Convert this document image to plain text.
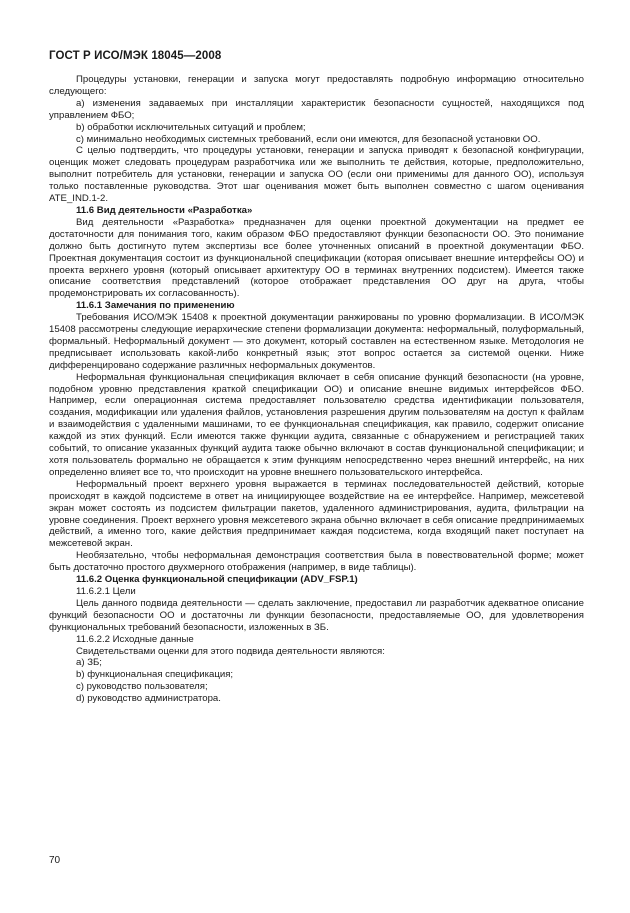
ГОСТ Р ИСО/МЭК 18045—2008

Процедуры установки, генерации и запуска могут предоставлять подробную информацию относительно следующего:

а) изменения задаваемых при инсталляции характеристик безопасности сущностей, находящихся под управлением ФБО;

b) обработки исключительных ситуаций и проблем;

c) минимально необходимых системных требований, если они имеются, для безопасной установки ОО.

С целью подтвердить, что процедуры установки, генерации и запуска приводят к безопасной конфигурации, оценщик может следовать процедурам разработчика или же выполнить те действия, которые, предположительно, выполнит потребитель для установки, генерации и запуска ОО (если они применимы для данного ОО), используя только поставленные руководства. Этот шаг оценивания может быть выполнен совместно с шагом оценивания ATE_IND.1-2.

11.6 Вид деятельности «Разработка»

Вид деятельности «Разработка» предназначен для оценки проектной документации на предмет ее достаточности для понимания того, каким образом ФБО предоставляют функции безопасности ОО. Это понимание должно быть достигнуто путем экспертизы все более уточненных описаний в проектной документации ФБО. Проектная документация состоит из функциональной спецификации (которая описывает внешние интерфейсы ОО) и проекта верхнего уровня (который описывает архитектуру ОО в терминах внутренних подсистем). Имеется также описание соответствия представлений (которое отображает представления ОО друг на друга, чтобы продемонстрировать их согласованность).

11.6.1 Замечания по применению

Требования ИСО/МЭК 15408 к проектной документации ранжированы по уровню формализации. В ИСО/МЭК 15408 рассмотрены следующие иерархические степени формализации документа: неформальный, полуформальный, формальный. Неформальный документ — это документ, который составлен на естественном языке. Методология не предписывает использовать какой-либо конкретный язык; этот вопрос остается за системой оценки. Ниже дифференцировано содержание различных неформальных документов.

Неформальная функциональная спецификация включает в себя описание функций безопасности (на уровне, подобном уровню представления краткой спецификации ОО) и описание внешне видимых интерфейсов ФБО. Например, если операционная система предоставляет пользователю средства идентификации пользователя, создания, модификации или удаления файлов, установления разрешения другим пользователям на доступ к файлам и взаимодействия с удаленными машинами, то ее функциональная спецификация, как правило, содержит описание каждой из этих функций. Если имеются также функции аудита, связанные с обнаружением и регистрацией таких событий, то описание указанных функций аудита также обычно включают в состав функциональной спецификации; и хотя пользователь формально не обращается к этим функциям непосредственно через внешний интерфейс, на них определенно влияет все то, что происходит на уровне внешнего пользовательского интерфейса.

Неформальный проект верхнего уровня выражается в терминах последовательностей действий, которые происходят в каждой подсистеме в ответ на инициирующее воздействие на ее интерфейсе. Например, межсетевой экран может состоять из подсистем фильтрации пакетов, удаленного администрирования, аудита, фильтрации на уровне соединения. Проект верхнего уровня межсетевого экрана обычно включает в себя описание предпринимаемых действий, а именно того, какие действия предпринимает каждая подсистема, когда входящий пакет поступает на межсетевой экран.

Необязательно, чтобы неформальная демонстрация соответствия была в повествовательной форме; может быть достаточно простого двухмерного отображения (например, в виде таблицы).

11.6.2 Оценка функциональной спецификации (ADV_FSP.1)

11.6.2.1 Цели

Цель данного подвида деятельности — сделать заключение, предоставил ли разработчик адекватное описание функций безопасности ОО и достаточны ли функции безопасности, предоставляемые ОО, для удовлетворения функциональных требований безопасности, изложенных в ЗБ.

11.6.2.2 Исходные данные

Свидетельствами оценки для этого подвида деятельности являются:

a) ЗБ;

b) функциональная спецификация;

c) руководство пользователя;

d) руководство администратора.

70
